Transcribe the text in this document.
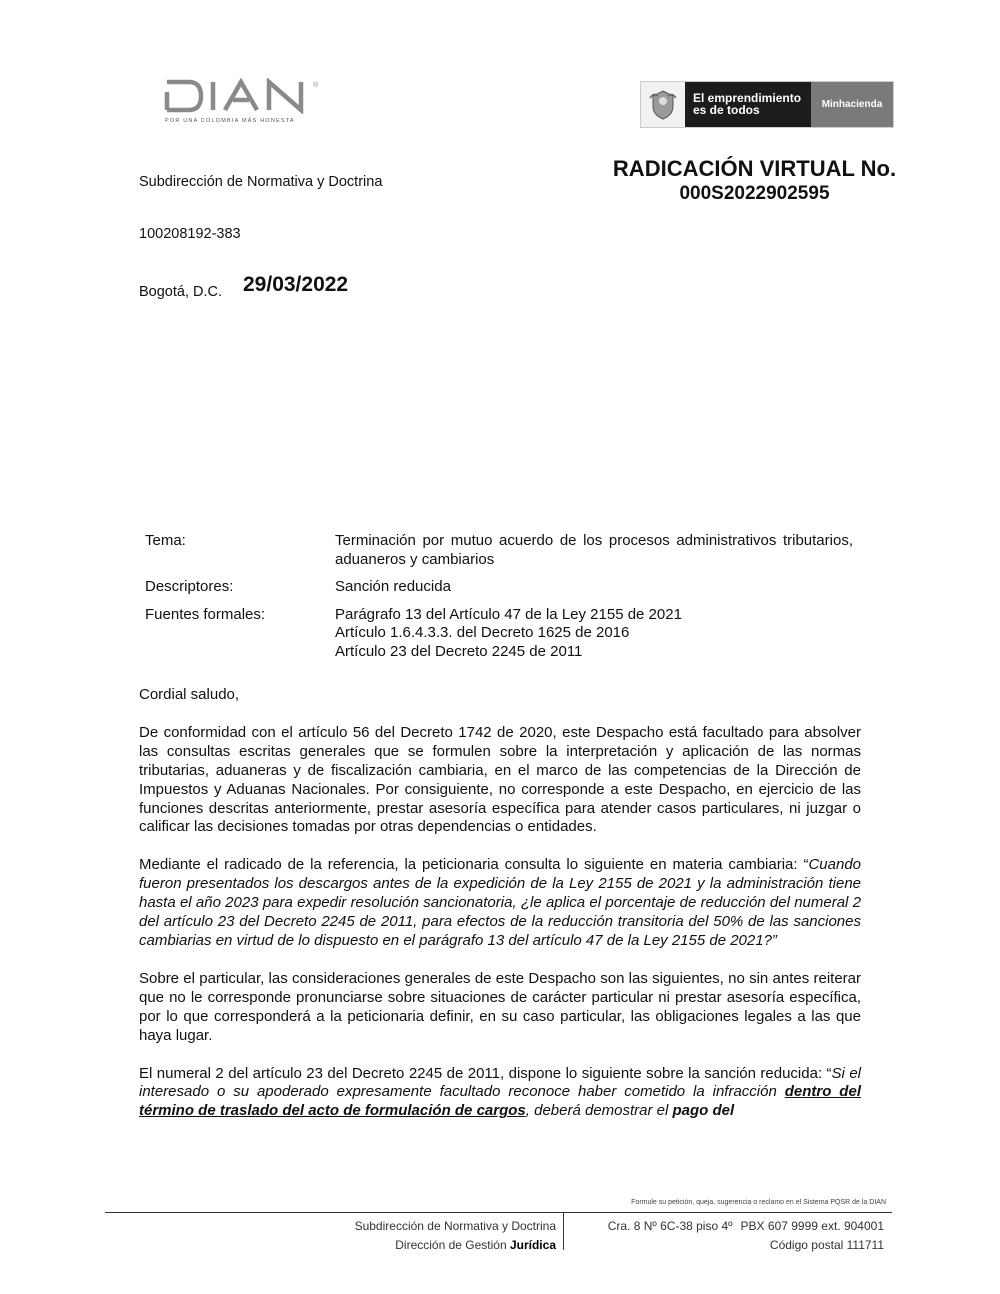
®
POR UNA COLOMBIA MÁS HONESTA
El emprendimiento
es de todos	Minhacienda
Subdirección de Normativa y Doctrina
RADICACIÓN VIRTUAL No.
000S2022902595
100208192-383
Bogotá, D.C. 29/03/2022
Tema:	Terminación por mutuo acuerdo de los procesos administrativos tributarios, aduaneros y cambiarios
Descriptores:	Sanción reducida
Fuentes formales:	Parágrafo 13 del Artículo 47 de la Ley 2155 de 2021
Artículo 1.6.4.3.3. del Decreto 1625 de 2016
Artículo 23 del Decreto 2245 de 2011

Cordial saludo,

De conformidad con el artículo 56 del Decreto 1742 de 2020, este Despacho está facultado para absolver las consultas escritas generales que se formulen sobre la interpretación y aplicación de las normas tributarias, aduaneras y de fiscalización cambiaria, en el marco de las competencias de la Dirección de Impuestos y Aduanas Nacionales. Por consiguiente, no corresponde a este Despacho, en ejercicio de las funciones descritas anteriormente, prestar asesoría específica para atender casos particulares, ni juzgar o calificar las decisiones tomadas por otras dependencias o entidades.

Mediante el radicado de la referencia, la peticionaria consulta lo siguiente en materia cambiaria: “Cuando fueron presentados los descargos antes de la expedición de la Ley 2155 de 2021 y la administración tiene hasta el año 2023 para expedir resolución sancionatoria, ¿le aplica el porcentaje de reducción del numeral 2 del artículo 23 del Decreto 2245 de 2011, para efectos de la reducción transitoria del 50% de las sanciones cambiarias en virtud de lo dispuesto en el parágrafo 13 del artículo 47 de la Ley 2155 de 2021?”

Sobre el particular, las consideraciones generales de este Despacho son las siguientes, no sin antes reiterar que no le corresponde pronunciarse sobre situaciones de carácter particular ni prestar asesoría específica, por lo que corresponderá a la peticionaria definir, en su caso particular, las obligaciones legales a las que haya lugar.

El numeral 2 del artículo 23 del Decreto 2245 de 2011, dispone lo siguiente sobre la sanción reducida: “Si el interesado o su apoderado expresamente facultado reconoce haber cometido la infracción dentro del término de traslado del acto de formulación de cargos, deberá demostrar el pago del

Formule su petición, queja, sugerencia o reclamo en el Sistema PQSR de la DIAN
Subdirección de Normativa y Doctrina
Dirección de Gestión Jurídica
Cra. 8 Nº 6C-38 piso 4º PBX 607 9999 ext. 904001
Código postal 111711
